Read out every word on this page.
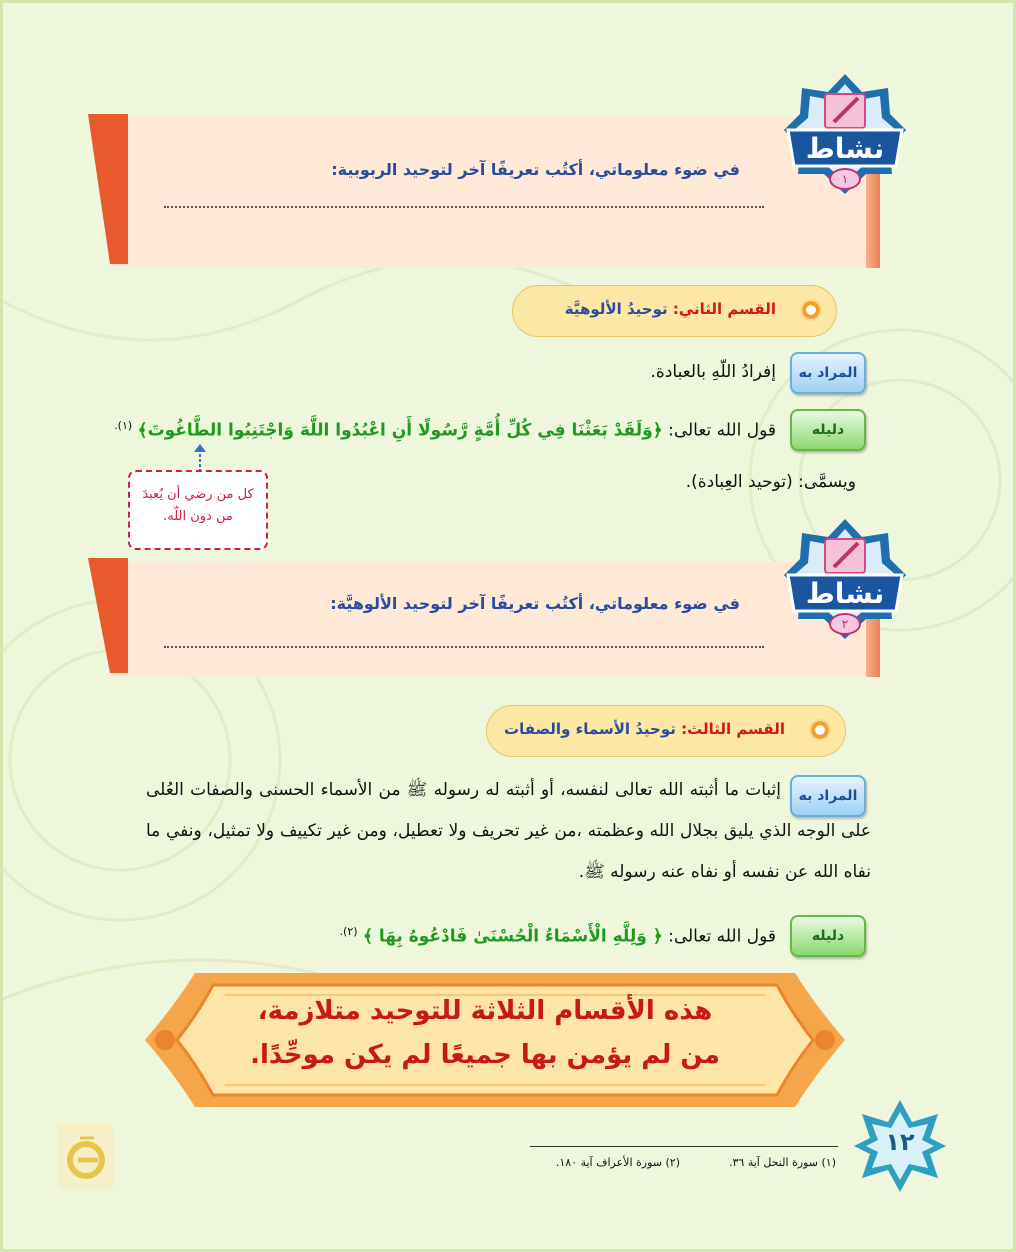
في ضوء معلوماتي، أكتُب تعريفًا آخر لتوحيد الربوبية:
نشاط
١
القسم الثاني: توحيدُ الألوهيَّة
المراد به
إفرادُ اللّهِ بالعبادة.
دليله
قول الله تعالى: ﴿وَلَقَدْ بَعَثْنَا فِي كُلِّ أُمَّةٍ رَّسُولًا أَنِ اعْبُدُوا اللَّهَ وَاجْتَنِبُوا الطَّاغُوتَ﴾ $^{(١).}$
كل من رضي أن يُعبدَ من دون اللّه.
ويسمَّى: (توحيد العِبادة).
في ضوء معلوماتي، أكتُب تعريفًا آخر لتوحيد الألوهيَّة:	نشاط
٢
القسم الثالث: توحيدُ الأسماء والصفات
المراد به
إثبات ما أثبته الله تعالى لنفسه، أو أثبته له رسوله ﷺ من الأسماء الحسنى والصفات العُلى على الوجه الذي يليق بجلال الله وعظمته ،من غير تحريف ولا تعطيل، ومن غير تكييف ولا تمثيل، ونفي ما نفاه الله عن نفسه أو نفاه عنه رسوله ﷺ.
دليله
قول الله تعالى: ﴿ وَلِلَّهِ الْأَسْمَاءُ الْحُسْنَىٰ فَادْعُوهُ بِهَا ﴾ $^{(٢).}$
هذه الأقسام الثلاثة للتوحيد متلازمة،
من لم يؤمن بها جميعًا لم يكن موحِّدًا.
(١) سورة النحل آية ٣٦.
(٢) سورة الأعراف آية ١٨٠.
١٢
